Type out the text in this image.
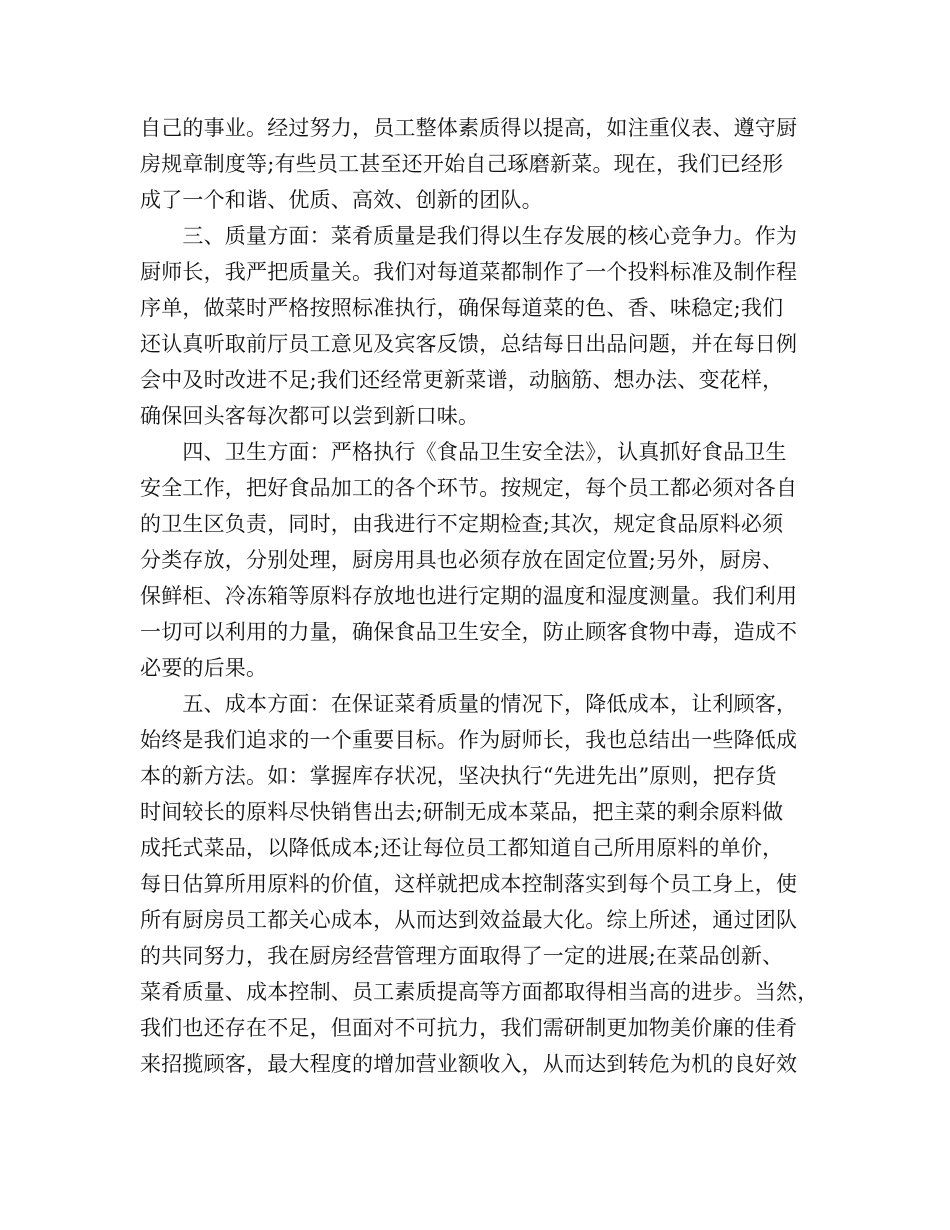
自己的事业。经过努力，员工整体素质得以提高，如注重仪表、遵守厨
房规章制度等;有些员工甚至还开始自己琢磨新菜。现在，我们已经形
成了一个和谐、优质、高效、创新的团队。
　　三、质量方面：菜肴质量是我们得以生存发展的核心竞争力。作为
厨师长，我严把质量关。我们对每道菜都制作了一个投料标准及制作程
序单，做菜时严格按照标准执行，确保每道菜的色、香、味稳定;我们
还认真听取前厅员工意见及宾客反馈，总结每日出品问题，并在每日例
会中及时改进不足;我们还经常更新菜谱，动脑筋、想办法、变花样，
确保回头客每次都可以尝到新口味。
　　四、卫生方面：严格执行《食品卫生安全法》，认真抓好食品卫生
安全工作，把好食品加工的各个环节。按规定，每个员工都必须对各自
的卫生区负责，同时，由我进行不定期检查;其次，规定食品原料必须
分类存放，分别处理，厨房用具也必须存放在固定位置;另外，厨房、
保鲜柜、冷冻箱等原料存放地也进行定期的温度和湿度测量。我们利用
一切可以利用的力量，确保食品卫生安全，防止顾客食物中毒，造成不
必要的后果。
　　五、成本方面：在保证菜肴质量的情况下，降低成本，让利顾客，
始终是我们追求的一个重要目标。作为厨师长，我也总结出一些降低成
本的新方法。如：掌握库存状况，坚决执行“先进先出”原则，把存货
时间较长的原料尽快销售出去;研制无成本菜品，把主菜的剩余原料做
成托式菜品，以降低成本;还让每位员工都知道自己所用原料的单价，
每日估算所用原料的价值，这样就把成本控制落实到每个员工身上，使
所有厨房员工都关心成本，从而达到效益最大化。综上所述，通过团队
的共同努力，我在厨房经营管理方面取得了一定的进展;在菜品创新、
菜肴质量、成本控制、员工素质提高等方面都取得相当高的进步。当然，
我们也还存在不足，但面对不可抗力，我们需研制更加物美价廉的佳肴
来招揽顾客，最大程度的增加营业额收入，从而达到转危为机的良好效
